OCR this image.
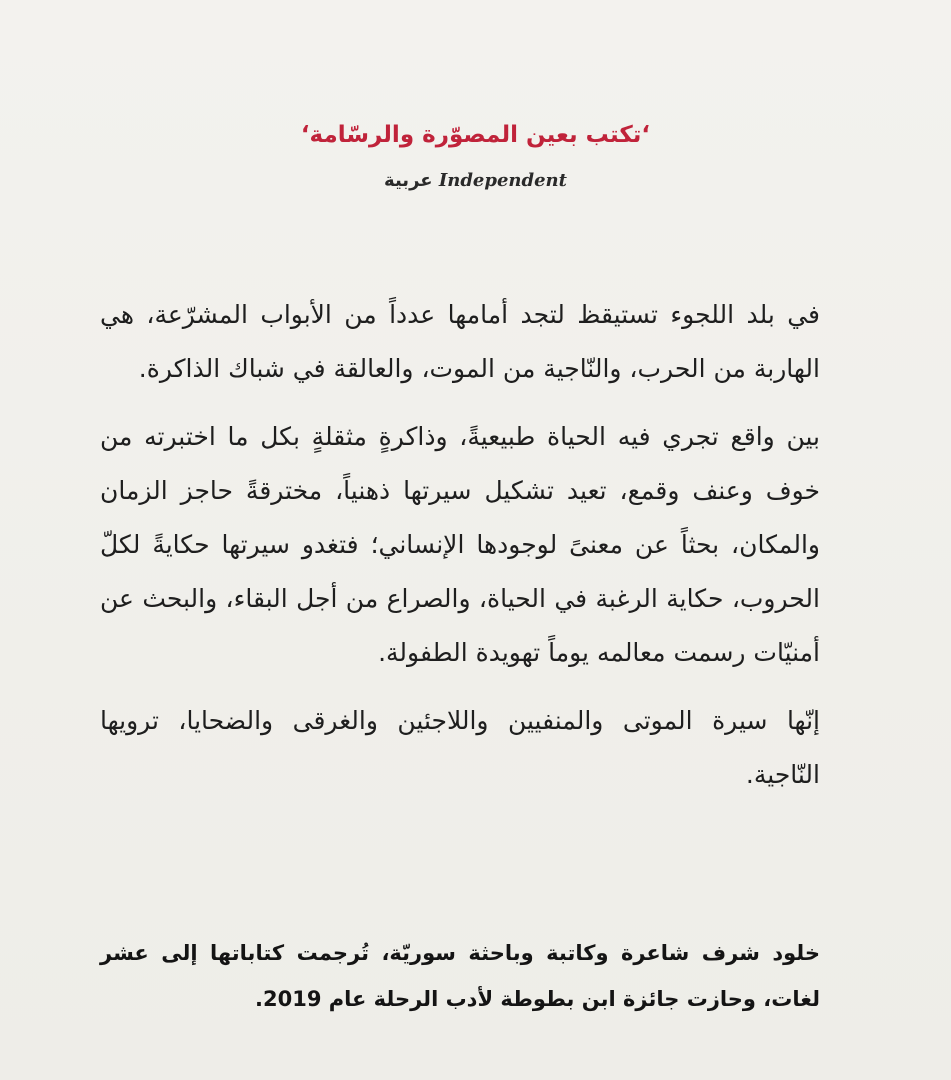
‘تكتب بعين المصوّرة والرسّامة‘
Independent عربية

في بلد اللجوء تستيقظ لتجد أمامها عدداً من الأبواب المشرّعة، هي الهاربة من الحرب، والنّاجية من الموت، والعالقة في شباك الذاكرة.

بين واقع تجري فيه الحياة طبيعيةً، وذاكرةٍ مثقلةٍ بكل ما اختبرته من خوف وعنف وقمع، تعيد تشكيل سيرتها ذهنياً، مخترقةً حاجز الزمان والمكان، بحثاً عن معنىً لوجودها الإنساني؛ فتغدو سيرتها حكايةً لكلّ الحروب، حكاية الرغبة في الحياة، والصراع من أجل البقاء، والبحث عن أمنيّات رسمت معالمه يوماً تهويدة الطفولة.

إنّها سيرة الموتى والمنفيين واللاجئين والغرقى والضحايا، ترويها النّاجية.

خلود شرف شاعرة وكاتبة وباحثة سوريّة، تُرجمت كتاباتها إلى عشر لغات، وحازت جائزة ابن بطوطة لأدب الرحلة عام 2019.
